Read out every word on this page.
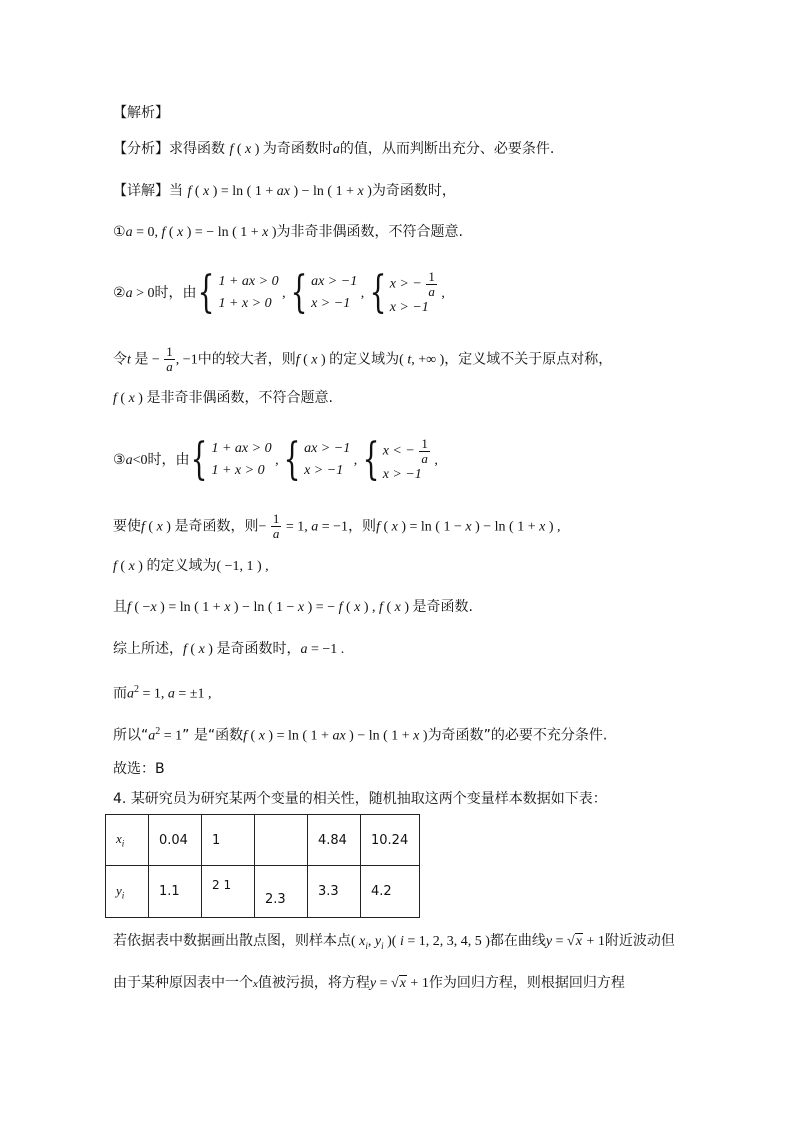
【解析】
【分析】求得函数 f ( x ) 为奇函数时a的值，从而判断出充分、必要条件.
【详解】当 f ( x ) = ln ( 1 + ax ) − ln ( 1 + x )为奇函数时，
①a = 0, f ( x ) = − ln ( 1 + x )为非奇非偶函数，不符合题意.
②a > 0时，由{ 1 + ax > 0
1 + x > 0
, { ax > −1
x > −1
, { x > − $\frac{1}{a}$
x > −1
,
令t 是 − $\frac{1}{a}$ , −1中的较大者，则f ( x ) 的定义域为( t, +∞ )，定义域不关于原点对称，
f ( x ) 是非奇非偶函数，不符合题意.
③a<0时，由{ 1 + ax > 0
1 + x > 0
, { ax > −1
x > −1
, { x < − $\frac{1}{a}$
x > −1
,
要使f ( x ) 是奇函数，则− $\frac{1}{a} = 1$, a = −1，则f ( x ) = ln ( 1 − x ) − ln ( 1 + x ) ,
f ( x ) 的定义域为( −1, 1 ) ,
且f ( −x ) = ln ( 1 + x ) − ln ( 1 − x ) = − f ( x ) , f ( x ) 是奇函数.
综上所述，f ( x ) 是奇函数时，a = −1 .
而$a^2 = 1$, a = ±1 ,
所以“$a^2 = 1$” 是“函数f ( x ) = ln ( 1 + ax ) − ln ( 1 + x )为奇函数”的必要不充分条件.
故选：B
4. 某研究员为研究某两个变量的相关性，随机抽取这两个变量样本数据如下表：
$x_i$	0.04	1		4.84	10.24
$y_i$	1.1	2 1	2.3	3.3	4.2
若依据表中数据画出散点图，则样本点( $x_i$, $y_i$ )( i = 1, 2, 3, 4, 5 )都在曲线y = √x + 1附近波动但
由于某种原因表中一个x值被污损，将方程y = √x + 1作为回归方程，则根据回归方程
